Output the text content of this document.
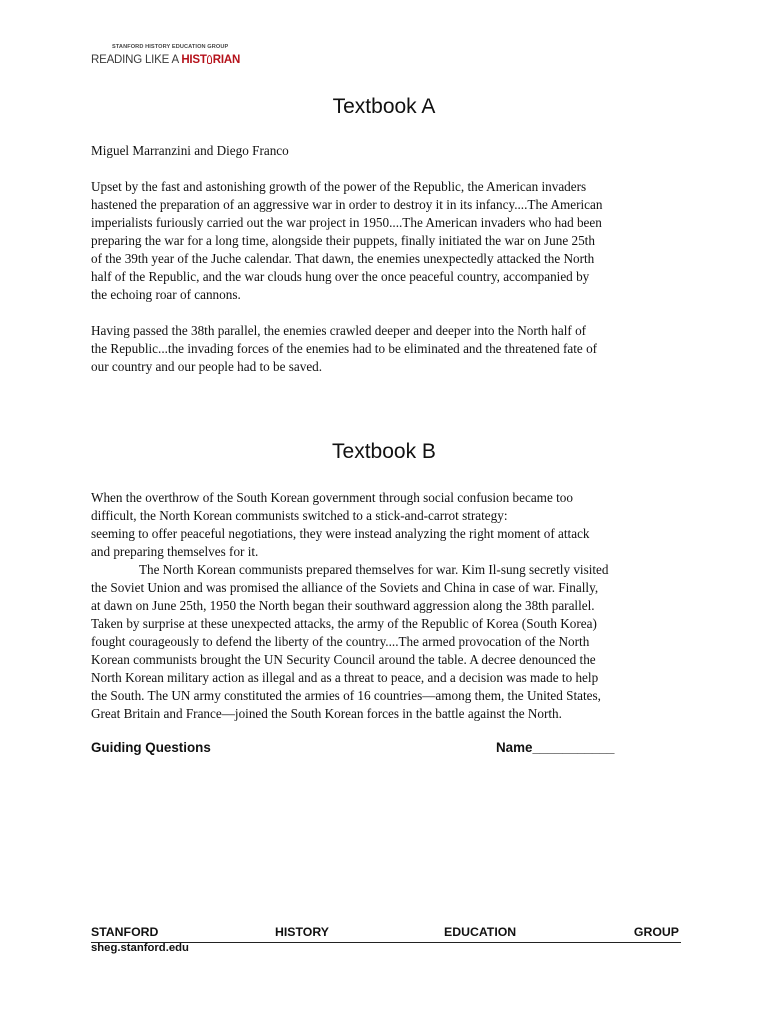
STANFORD HISTORY EDUCATION GROUP
READING LIKE A HIST RIAN
Textbook A
Miguel Marranzini and Diego Franco
Upset by the fast and astonishing growth of the power of the Republic, the American invaders
hastened the preparation of an aggressive war in order to destroy it in its infancy....The American
imperialists furiously carried out the war project in 1950....The American invaders who had been
preparing the war for a long time, alongside their puppets, finally initiated the war on June 25th
of the 39th year of the Juche calendar. That dawn, the enemies unexpectedly attacked the North
half of the Republic, and the war clouds hung over the once peaceful country, accompanied by
the echoing roar of cannons.
Having passed the 38th parallel, the enemies crawled deeper and deeper into the North half of
the Republic...the invading forces of the enemies had to be eliminated and the threatened fate of
our country and our people had to be saved.
Textbook B
When the overthrow of the South Korean government through social confusion became too
difficult, the North Korean communists switched to a stick-and-carrot strategy:
seeming to offer peaceful negotiations, they were instead analyzing the right moment of attack
and preparing themselves for it.
The North Korean communists prepared themselves for war. Kim Il-sung secretly visited
the Soviet Union and was promised the alliance of the Soviets and China in case of war. Finally,
at dawn on June 25th, 1950 the North began their southward aggression along the 38th parallel.
Taken by surprise at these unexpected attacks, the army of the Republic of Korea (South Korea)
fought courageously to defend the liberty of the country....The armed provocation of the North
Korean communists brought the UN Security Council around the table. A decree denounced the
North Korean military action as illegal and as a threat to peace, and a decision was made to help
the South. The UN army constituted the armies of 16 countries—among them, the United States,
Great Britain and France—joined the South Korean forces in the battle against the North.
Guiding Questions	Name___________
STANFORD	HISTORY	EDUCATION	GROUP
sheg.stanford.edu
